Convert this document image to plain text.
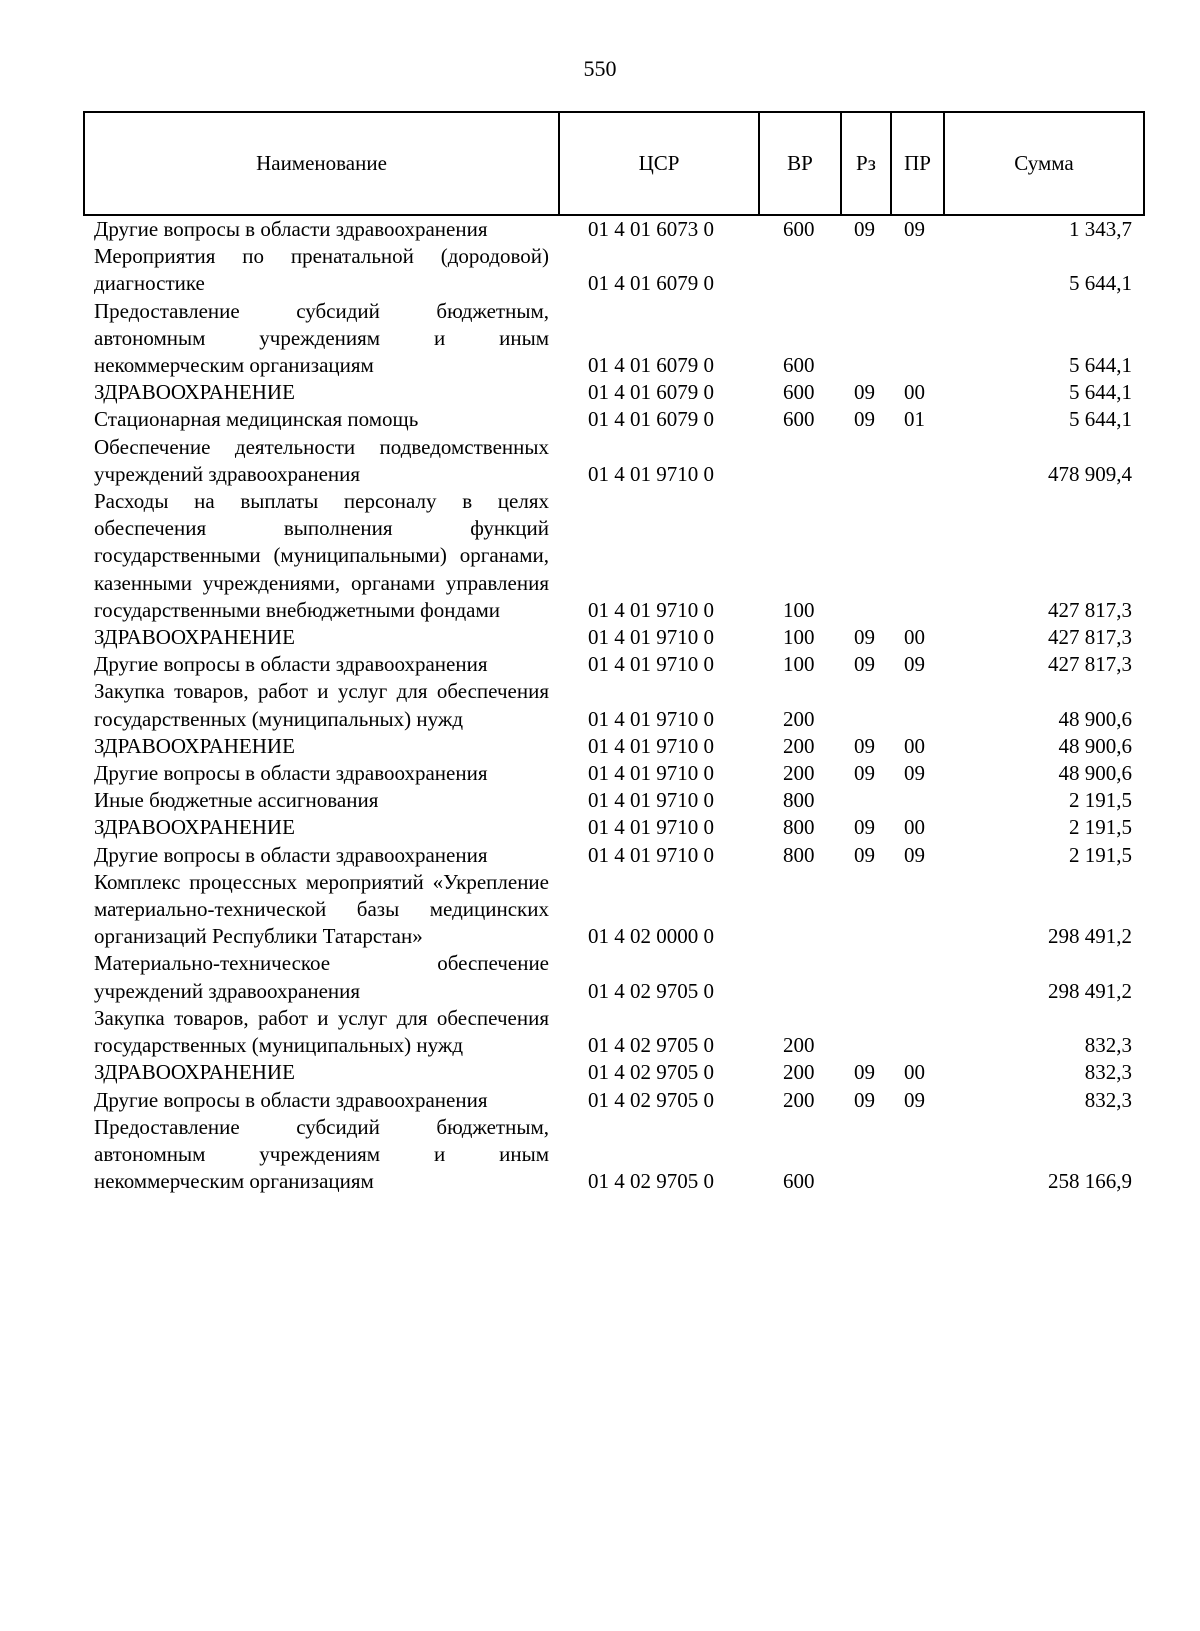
550
Наименование	ЦСР	ВР	Рз	ПР	Сумма
Другие вопросы в области здравоохранения	01 4 01 6073 0	600	09	09	1 343,7
Мероприятия по пренатальной (дородовой) диагностике	01 4 01 6079 0				5 644,1
Предоставление субсидий бюджетным, автономным учреждениям и иным некоммерческим организациям	01 4 01 6079 0	600			5 644,1
ЗДРАВООХРАНЕНИЕ	01 4 01 6079 0	600	09	00	5 644,1
Стационарная медицинская помощь	01 4 01 6079 0	600	09	01	5 644,1
Обеспечение деятельности подведомственных учреждений здравоохранения	01 4 01 9710 0				478 909,4
Расходы на выплаты персоналу в целях обеспечения выполнения функций государственными (муниципальными) органами, казенными учреждениями, органами управления государственными внебюджетными фондами	01 4 01 9710 0	100			427 817,3
ЗДРАВООХРАНЕНИЕ	01 4 01 9710 0	100	09	00	427 817,3
Другие вопросы в области здравоохранения	01 4 01 9710 0	100	09	09	427 817,3
Закупка товаров, работ и услуг для обеспечения государственных (муниципальных) нужд	01 4 01 9710 0	200			48 900,6
ЗДРАВООХРАНЕНИЕ	01 4 01 9710 0	200	09	00	48 900,6
Другие вопросы в области здравоохранения	01 4 01 9710 0	200	09	09	48 900,6
Иные бюджетные ассигнования	01 4 01 9710 0	800			2 191,5
ЗДРАВООХРАНЕНИЕ	01 4 01 9710 0	800	09	00	2 191,5
Другие вопросы в области здравоохранения	01 4 01 9710 0	800	09	09	2 191,5
Комплекс процессных мероприятий «Укрепление материально-технической базы медицинских организаций Республики Татарстан»	01 4 02 0000 0				298 491,2
Материально-техническое обеспечение учреждений здравоохранения	01 4 02 9705 0				298 491,2
Закупка товаров, работ и услуг для обеспечения государственных (муниципальных) нужд	01 4 02 9705 0	200			832,3
ЗДРАВООХРАНЕНИЕ	01 4 02 9705 0	200	09	00	832,3
Другие вопросы в области здравоохранения	01 4 02 9705 0	200	09	09	832,3
Предоставление субсидий бюджетным, автономным учреждениям и иным некоммерческим организациям	01 4 02 9705 0	600			258 166,9
